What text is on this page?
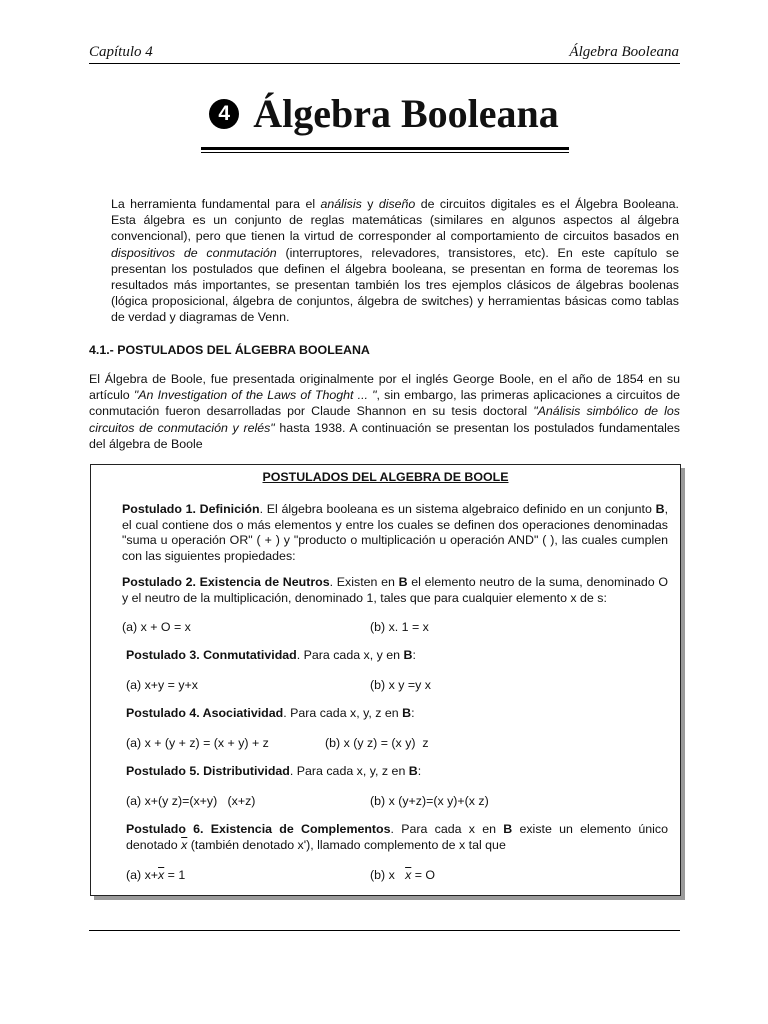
Capítulo 4	Álgebra Booleana
4 Álgebra Booleana
La herramienta fundamental para el análisis y diseño de circuitos digitales es el Álgebra Booleana. Esta álgebra es un conjunto de reglas matemáticas (similares en algunos aspectos al álgebra convencional), pero que tienen la virtud de corresponder al comportamiento de circuitos basados en dispositivos de conmutación (interruptores, relevadores, transistores, etc). En este capítulo se presentan los postulados que definen el álgebra booleana, se presentan en forma de teoremas los resultados más importantes, se presentan también los tres ejemplos clásicos de álgebras boolenas (lógica proposicional, álgebra de conjuntos, álgebra de switches) y herramientas básicas como tablas de verdad y diagramas de Venn.
4.1.- POSTULADOS DEL ÁLGEBRA BOOLEANA
El Álgebra de Boole, fue presentada originalmente por el inglés George Boole, en el año de 1854 en su artículo "An Investigation of the Laws of Thoght ... ", sin embargo, las primeras aplicaciones a circuitos de conmutación fueron desarrolladas por Claude Shannon en su tesis doctoral "Análisis simbólico de los circuitos de conmutación y relés" hasta 1938. A continuación se presentan los postulados fundamentales del álgebra de Boole
POSTULADOS DEL ALGEBRA DE BOOLE
Postulado 1. Definición. El álgebra booleana es un sistema algebraico definido en un conjunto B, el cual contiene dos o más elementos y entre los cuales se definen dos operaciones denominadas "suma u operación OR" ( + ) y "producto o multiplicación u operación AND" ( ), las cuales cumplen con las siguientes propiedades:
Postulado 2. Existencia de Neutros. Existen en B el elemento neutro de la suma, denominado O y el neutro de la multiplicación, denominado 1, tales que para cualquier elemento x de s:
(a) x + O = x	(b) x. 1 = x
Postulado 3. Conmutatividad. Para cada x, y en B:
(a) x+y = y+x	(b) x y =y x
Postulado 4. Asociatividad. Para cada x, y, z en B:
(a) x + (y + z) = (x + y) + z	(b) x (y z) = (x y)  z
Postulado 5. Distributividad. Para cada x, y, z en B:
(a) x+(y z)=(x+y)   (x+z)	(b) x (y+z)=(x y)+(x z)
Postulado 6. Existencia de Complementos. Para cada x en B existe un elemento único denotado $\overline{x}$ (también denotado x'), llamado complemento de x tal que
(a) $x+\overline{x} = 1$	(b) x   $\overline{x} = O$
